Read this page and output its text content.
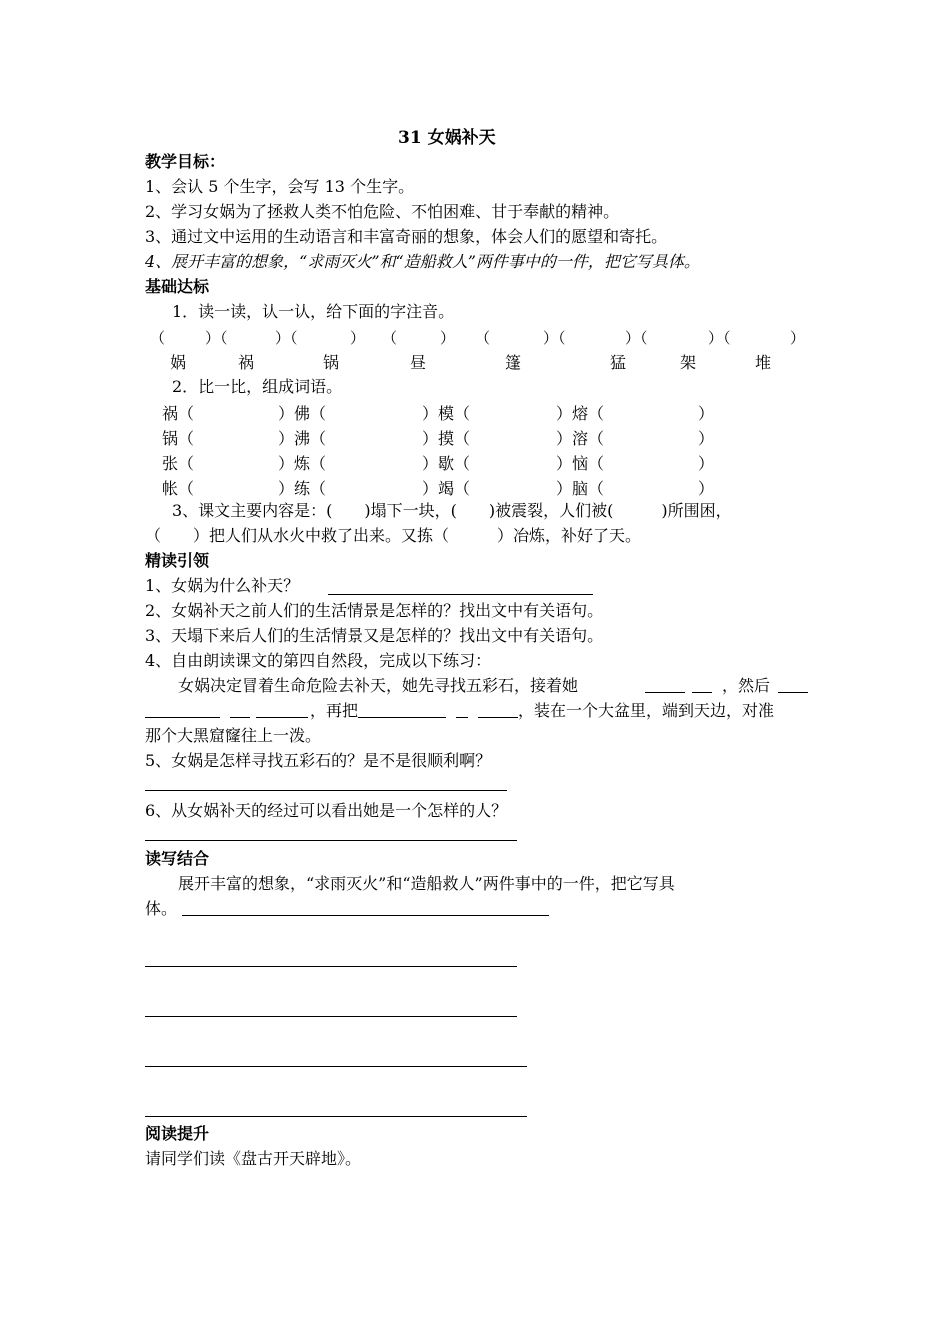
31 女娲补天
教学目标：
1、会认 5 个生字，会写 13 个生字。
2、学习女娲为了拯救人类不怕危险、不怕困难、甘于奉献的精神。
3、通过文中运用的生动语言和丰富奇丽的想象，体会人们的愿望和寄托。
4、展开丰富的想象，“求雨灭火”和“造船救人”两件事中的一件，把它写具体。
基础达标
1．读一读，认一认，给下面的字注音。
（	）（	）（	） （	） （	）（	）（	）（	）
娲	祸	锅	昼	篷	猛	架	堆
2．比一比，组成词语。
祸（	）佛（	）模（	）熔（	）
锅（	）沸（	）摸（	）溶（	）
张（	）炼（	）歇（	）恼（	）
帐（	）练（	）竭（	）脑（	）
3、课文主要内容是：(　　)塌下一块，(　　)被震裂，人们被(　　　)所围困，
（　　）把人们从水火中救了出来。又拣（　　　）冶炼，补好了天。
精读引领
1、女娲为什么补天？
2、女娲补天之前人们的生活情景是怎样的？找出文中有关语句。
3、天塌下来后人们的生活情景又是怎样的？找出文中有关语句。
4、自由朗读课文的第四自然段，完成以下练习：
女娲决定冒着生命危险去补天，她先寻找五彩石，接着她	，然后
，再把	，装在一个大盆里，端到天边，对准
那个大黑窟窿往上一泼。
5、女娲是怎样寻找五彩石的？是不是很顺利啊？
6、从女娲补天的经过可以看出她是一个怎样的人？
读写结合
展开丰富的想象，“求雨灭火”和“造船救人”两件事中的一件，把它写具
体。
阅读提升
请同学们读《盘古开天辟地》。
